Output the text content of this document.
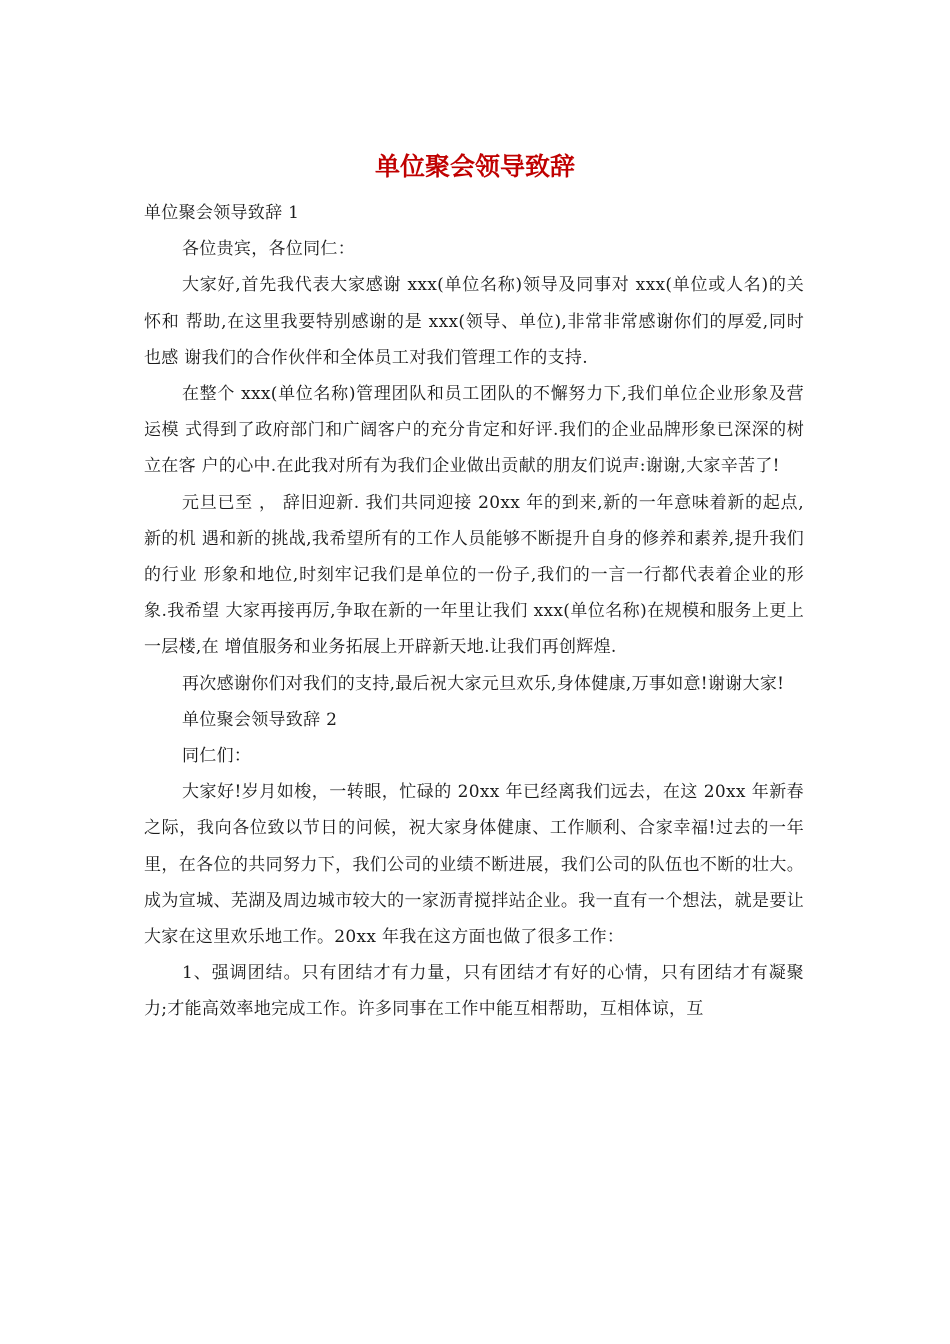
单位聚会领导致辞

单位聚会领导致辞 1

各位贵宾，各位同仁：

大家好,首先我代表大家感谢 xxx(单位名称)领导及同事对 xxx(单位或人名)的关怀和 帮助,在这里我要特别感谢的是 xxx(领导、单位),非常非常感谢你们的厚爱,同时也感 谢我们的合作伙伴和全体员工对我们管理工作的支持.

在整个 xxx(单位名称)管理团队和员工团队的不懈努力下,我们单位企业形象及营运模 式得到了政府部门和广阔客户的充分肯定和好评.我们的企业品牌形象已深深的树立在客 户的心中.在此我对所有为我们企业做出贡献的朋友们说声:谢谢,大家辛苦了!

元旦已至 ， 辞旧迎新. 我们共同迎接 20xx 年的到来,新的一年意味着新的起点,新的机 遇和新的挑战,我希望所有的工作人员能够不断提升自身的修养和素养,提升我们的行业 形象和地位,时刻牢记我们是单位的一份子,我们的一言一行都代表着企业的形象.我希望 大家再接再厉,争取在新的一年里让我们 xxx(单位名称)在规模和服务上更上一层楼,在 增值服务和业务拓展上开辟新天地.让我们再创辉煌.

再次感谢你们对我们的支持,最后祝大家元旦欢乐,身体健康,万事如意!谢谢大家!

单位聚会领导致辞 2

同仁们：

大家好!岁月如梭，一转眼，忙碌的 20xx 年已经离我们远去，在这 20xx 年新春之际，我向各位致以节日的问候，祝大家身体健康、工作顺利、合家幸福!过去的一年里，在各位的共同努力下，我们公司的业绩不断进展，我们公司的队伍也不断的壮大。成为宣城、芜湖及周边城市较大的一家沥青搅拌站企业。我一直有一个想法，就是要让大家在这里欢乐地工作。20xx 年我在这方面也做了很多工作：

1、强调团结。只有团结才有力量，只有团结才有好的心情，只有团结才有凝聚力;才能高效率地完成工作。许多同事在工作中能互相帮助，互相体谅，互
